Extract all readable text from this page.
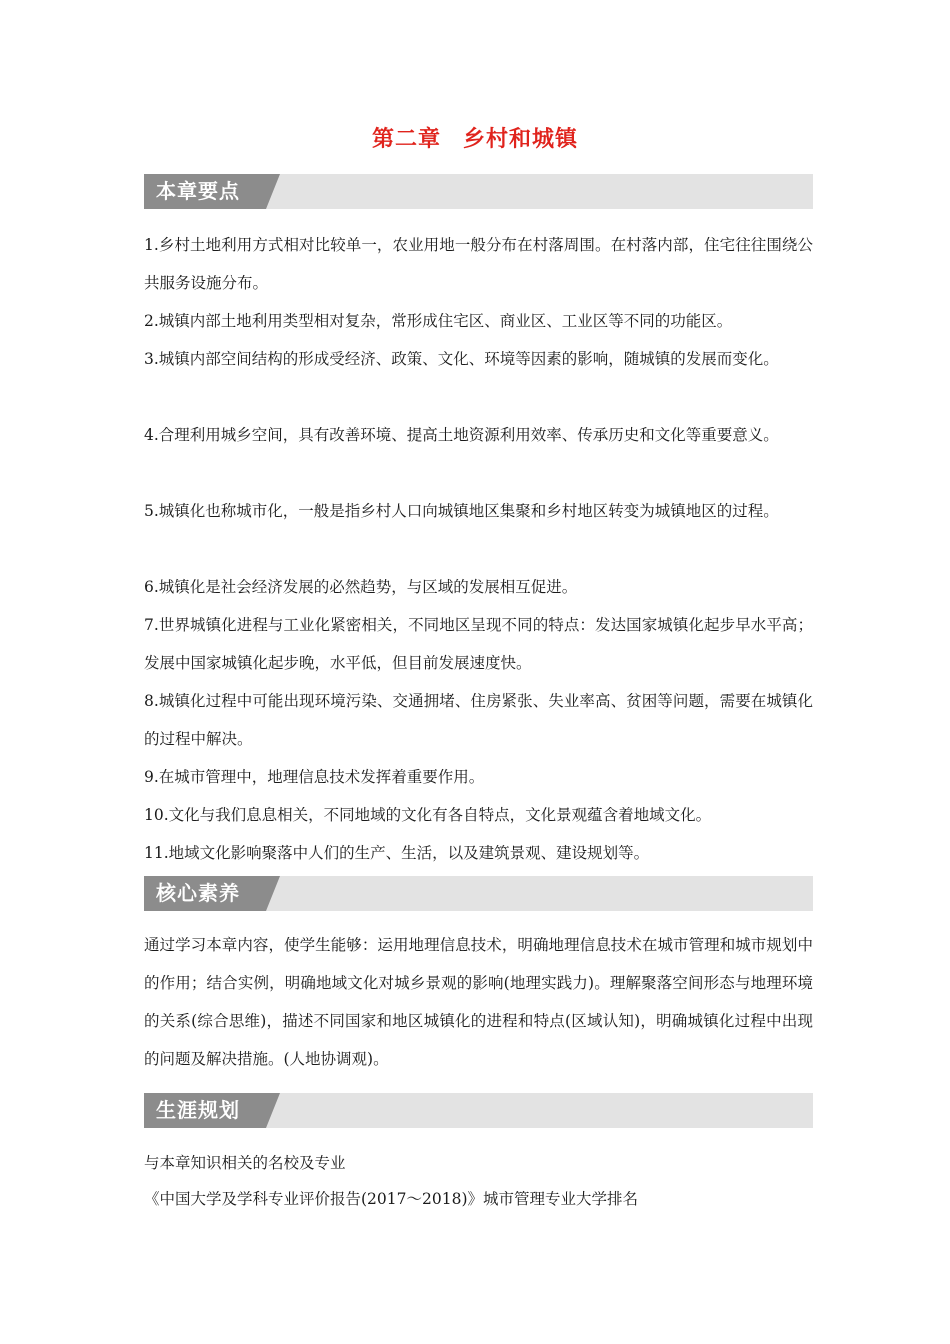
第二章 乡村和城镇
本章要点
1.乡村土地利用方式相对比较单一，农业用地一般分布在村落周围。在村落内部，住宅往往围绕公共服务设施分布。
2.城镇内部土地利用类型相对复杂，常形成住宅区、商业区、工业区等不同的功能区。
3.城镇内部空间结构的形成受经济、政策、文化、环境等因素的影响，随城镇的发展而变化。
4.合理利用城乡空间，具有改善环境、提高土地资源利用效率、传承历史和文化等重要意义。
5.城镇化也称城市化，一般是指乡村人口向城镇地区集聚和乡村地区转变为城镇地区的过程。
6.城镇化是社会经济发展的必然趋势，与区域的发展相互促进。
7.世界城镇化进程与工业化紧密相关，不同地区呈现不同的特点：发达国家城镇化起步早水平高；发展中国家城镇化起步晚，水平低，但目前发展速度快。
8.城镇化过程中可能出现环境污染、交通拥堵、住房紧张、失业率高、贫困等问题，需要在城镇化的过程中解决。
9.在城市管理中，地理信息技术发挥着重要作用。
10.文化与我们息息相关，不同地域的文化有各自特点，文化景观蕴含着地域文化。
11.地域文化影响聚落中人们的生产、生活，以及建筑景观、建设规划等。
核心素养
通过学习本章内容，使学生能够：运用地理信息技术，明确地理信息技术在城市管理和城市规划中的作用；结合实例，明确地域文化对城乡景观的影响(地理实践力)。理解聚落空间形态与地理环境的关系(综合思维)，描述不同国家和地区城镇化的进程和特点(区域认知)，明确城镇化过程中出现的问题及解决措施。(人地协调观)。
生涯规划
与本章知识相关的名校及专业
《中国大学及学科专业评价报告(2017～2018)》城市管理专业大学排名
